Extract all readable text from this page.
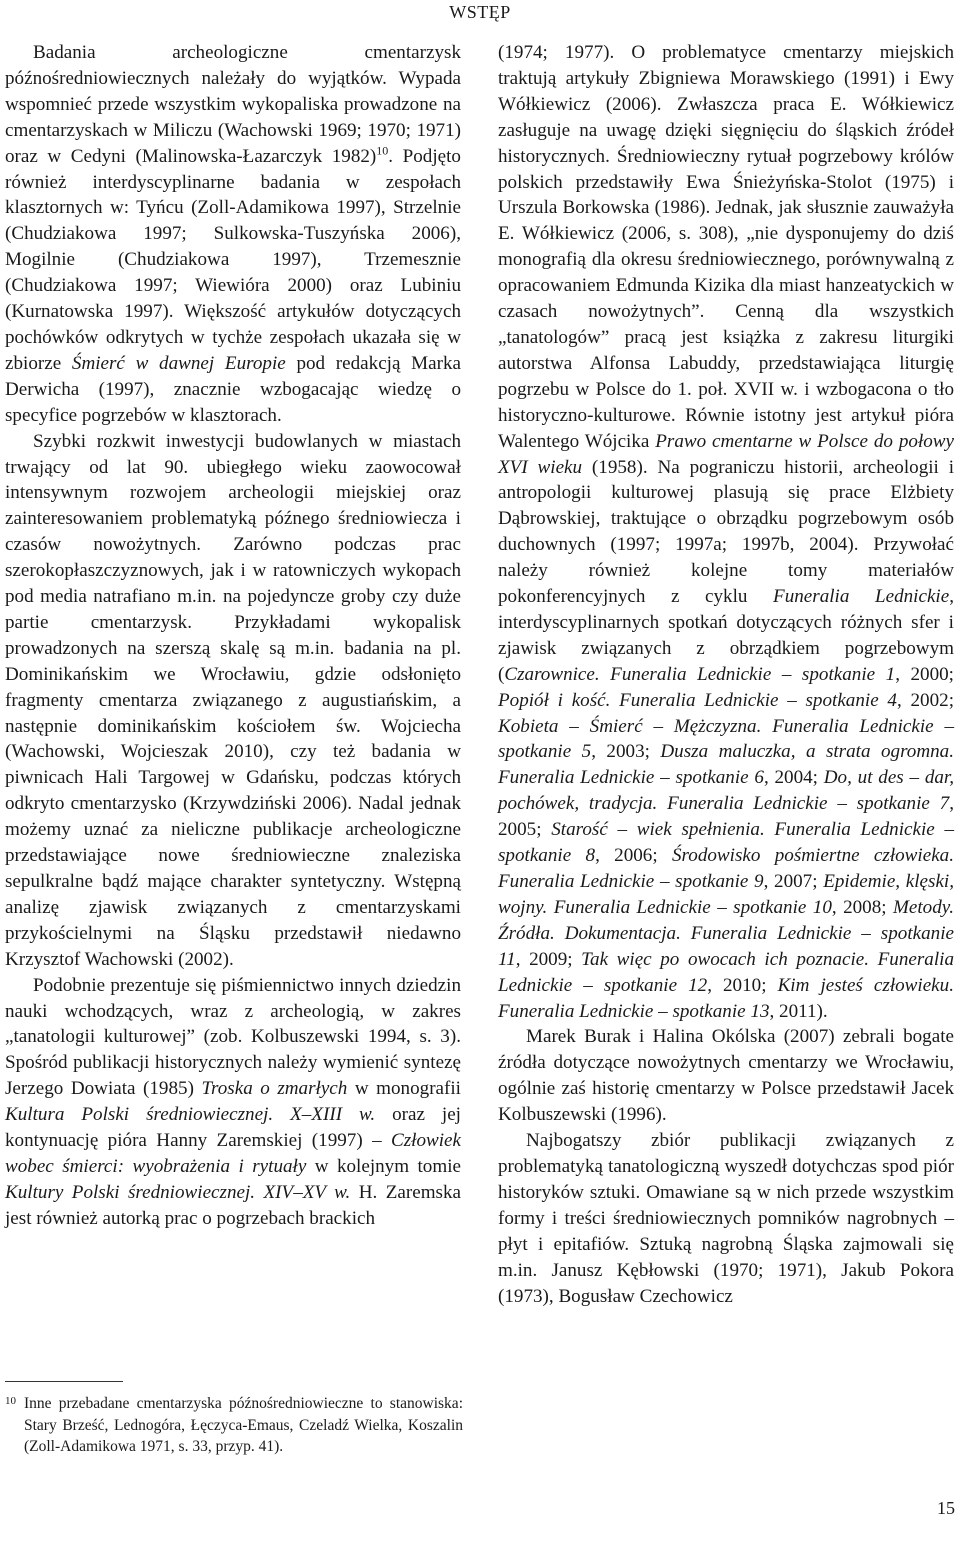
WSTĘP

Badania archeologiczne cmentarzysk późnośredniowiecznych należały do wyjątków. Wypada wspomnieć przede wszystkim wykopaliska prowadzone na cmentarzyskach w Miliczu (Wachowski 1969; 1970; 1971) oraz w Cedyni (Malinowska-Łazarczyk 1982)$^{10}$. Podjęto również interdyscyplinarne badania w zespołach klasztornych w: Tyńcu (Zoll-Adamikowa 1997), Strzelnie (Chudziakowa 1997; Sulkowska-Tuszyńska 2006), Mogilnie (Chudziakowa 1997), Trzemesznie (Chudziakowa 1997; Wiewióra 2000) oraz Lubiniu (Kurnatowska 1997). Większość artykułów dotyczących pochówków odkrytych w tychże zespołach ukazała się w zbiorze Śmierć w dawnej Europie pod redakcją Marka Derwicha (1997), znacznie wzbogacając wiedzę o specyfice pogrzebów w klasztorach.

Szybki rozkwit inwestycji budowlanych w miastach trwający od lat 90. ubiegłego wieku zaowocował intensywnym rozwojem archeologii miejskiej oraz zainteresowaniem problematyką późnego średniowiecza i czasów nowożytnych. Zarówno podczas prac szerokopłaszczyznowych, jak i w ratowniczych wykopach pod media natrafiano m.in. na pojedyncze groby czy duże partie cmentarzysk. Przykładami wykopalisk prowadzonych na szerszą skalę są m.in. badania na pl. Dominikańskim we Wrocławiu, gdzie odsłonięto fragmenty cmentarza związanego z augustiańskim, a następnie dominikańskim kościołem św. Wojciecha (Wachowski, Wojcieszak 2010), czy też badania w piwnicach Hali Targowej w Gdańsku, podczas których odkryto cmentarzysko (Krzywdziński 2006). Nadal jednak możemy uznać za nieliczne publikacje archeologiczne przedstawiające nowe średniowieczne znaleziska sepulkralne bądź mające charakter syntetyczny. Wstępną analizę zjawisk związanych z cmentarzyskami przykościelnymi na Śląsku przedstawił niedawno Krzysztof Wachowski (2002).

Podobnie prezentuje się piśmiennictwo innych dziedzin nauki wchodzących, wraz z archeologią, w zakres „tanatologii kulturowej” (zob. Kolbuszewski 1994, s. 3). Spośród publikacji historycznych należy wymienić syntezę Jerzego Dowiata (1985) Troska o zmarłych w monografii Kultura Polski średniowiecznej. X–XIII w. oraz jej kontynuację pióra Hanny Zaremskiej (1997) – Człowiek wobec śmierci: wyobrażenia i rytuały w kolejnym tomie Kultury Polski średniowiecznej. XIV–XV w. H. Zaremska jest również autorką prac o pogrzebach brackich

(1974; 1977). O problematyce cmentarzy miejskich traktują artykuły Zbigniewa Morawskiego (1991) i Ewy Wółkiewicz (2006). Zwłaszcza praca E. Wółkiewicz zasługuje na uwagę dzięki sięgnięciu do śląskich źródeł historycznych. Średniowieczny rytuał pogrzebowy królów polskich przedstawiły Ewa Śnieżyńska-Stolot (1975) i Urszula Borkowska (1986). Jednak, jak słusznie zauważyła E. Wółkiewicz (2006, s. 308), „nie dysponujemy do dziś monografią dla okresu średniowiecznego, porównywalną z opracowaniem Edmunda Kizika dla miast hanzeatyckich w czasach nowożytnych”. Cenną dla wszystkich „tanatologów” pracą jest książka z zakresu liturgiki autorstwa Alfonsa Labuddy, przedstawiająca liturgię pogrzebu w Polsce do 1. poł. XVII w. i wzbogacona o tło historyczno-kulturowe. Równie istotny jest artykuł pióra Walentego Wójcika Prawo cmentarne w Polsce do połowy XVI wieku (1958). Na pograniczu historii, archeologii i antropologii kulturowej plasują się prace Elżbiety Dąbrowskiej, traktujące o obrządku pogrzebowym osób duchownych (1997; 1997a; 1997b, 2004). Przywołać należy również kolejne tomy materiałów pokonferencyjnych z cyklu Funeralia Lednickie, interdyscyplinarnych spotkań dotyczących różnych sfer i zjawisk związanych z obrządkiem pogrzebowym (Czarownice. Funeralia Lednickie – spotkanie 1, 2000; Popiół i kość. Funeralia Lednickie – spotkanie 4, 2002; Kobieta – Śmierć – Mężczyzna. Funeralia Lednickie – spotkanie 5, 2003; Dusza maluczka, a strata ogromna. Funeralia Lednickie – spotkanie 6, 2004; Do, ut des – dar, pochówek, tradycja. Funeralia Lednickie – spotkanie 7, 2005; Starość – wiek spełnienia. Funeralia Lednickie – spotkanie 8, 2006; Środowisko pośmiertne człowieka. Funeralia Lednickie – spotkanie 9, 2007; Epidemie, klęski, wojny. Funeralia Lednickie – spotkanie 10, 2008; Metody. Źródła. Dokumentacja. Funeralia Lednickie – spotkanie 11, 2009; Tak więc po owocach ich poznacie. Funeralia Lednickie – spotkanie 12, 2010; Kim jesteś człowieku. Funeralia Lednickie – spotkanie 13, 2011).

Marek Burak i Halina Okólska (2007) zebrali bogate źródła dotyczące nowożytnych cmentarzy we Wrocławiu, ogólnie zaś historię cmentarzy w Polsce przedstawił Jacek Kolbuszewski (1996).

Najbogatszy zbiór publikacji związanych z problematyką tanatologiczną wyszedł dotychczas spod piór historyków sztuki. Omawiane są w nich przede wszystkim formy i treści średniowiecznych pomników nagrobnych – płyt i epitafiów. Sztuką nagrobną Śląska zajmowali się m.in. Janusz Kębłowski (1970; 1971), Jakub Pokora (1973), Bogusław Czechowicz

10 Inne przebadane cmentarzyska późnośredniowieczne to stanowiska: Stary Brześć, Lednogóra, Łęczyca-Emaus, Czeladź Wielka, Koszalin (Zoll-Adamikowa 1971, s. 33, przyp. 41).
15
